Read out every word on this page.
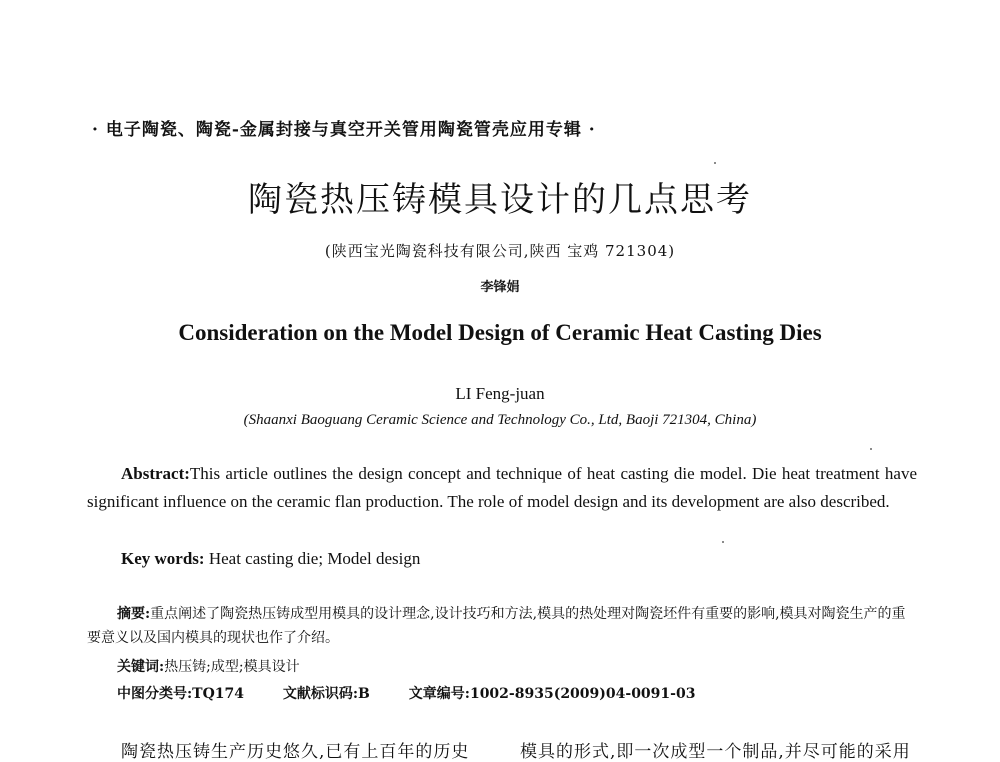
· 电子陶瓷、陶瓷-金属封接与真空开关管用陶瓷管壳应用专辑 ·
陶瓷热压铸模具设计的几点思考
(陕西宝光陶瓷科技有限公司,陕西 宝鸡 721304)
李锋娟
Consideration on the Model Design of Ceramic Heat Casting Dies
LI Feng-juan
(Shaanxi Baoguang Ceramic Science and Technology Co., Ltd, Baoji 721304, China)
Abstract:This article outlines the design concept and technique of heat casting die model. Die heat treatment have significant influence on the ceramic flan production. The role of model design and its development are also described.
Key words: Heat casting die; Model design
摘要:重点阐述了陶瓷热压铸成型用模具的设计理念,设计技巧和方法,模具的热处理对陶瓷坯件有重要的影响,模具对陶瓷生产的重要意义以及国内模具的现状也作了介绍。
关键词:热压铸;成型;模具设计
中图分类号:TQ174	文献标识码:B	文章编号:1002-8935(2009)04-0091-03
陶瓷热压铸生产历史悠久,已有上百年的历史	模具的形式,即一次成型一个制品,并尽可能的采用
